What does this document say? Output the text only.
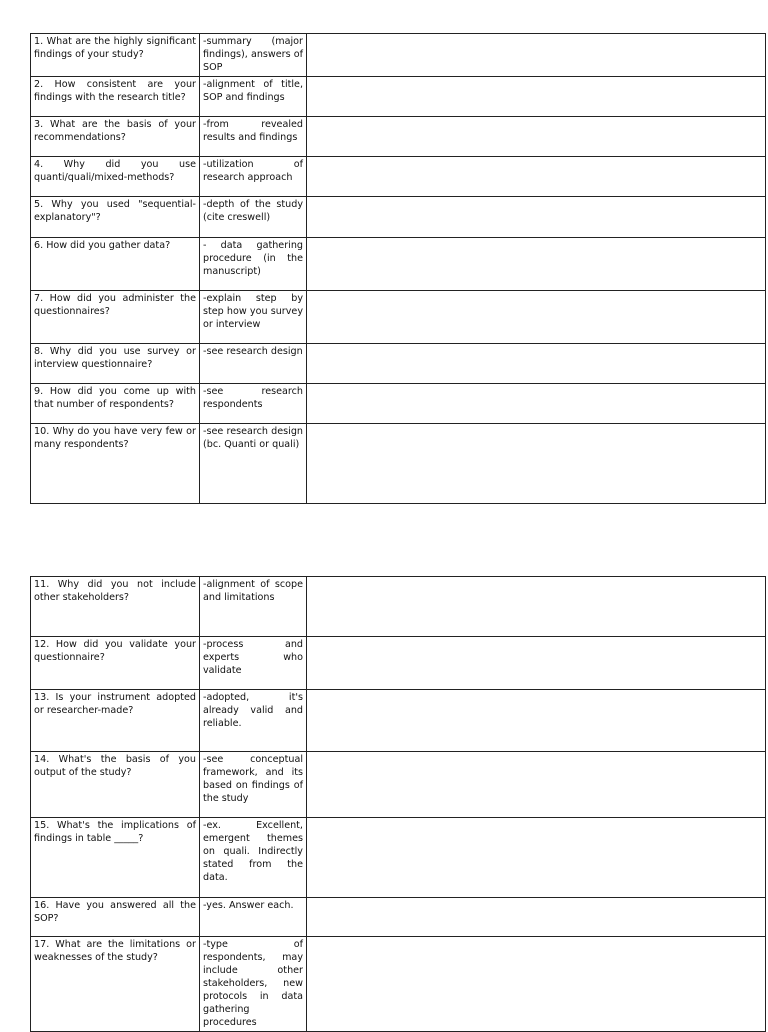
1. What are the highly significant findings of your study?	-summary (major findings), answers of SOP	
2. How consistent are your findings with the research title?	-alignment of title, SOP and findings	
3. What are the basis of your recommendations?	-from revealed results and findings	
4. Why did you use quanti/quali/mixed-methods?	-utilization of research approach	
5. Why you used "sequential-explanatory"?	-depth of the study (cite creswell)	
6. How did you gather data?	- data gathering procedure (in the manuscript)	
7. How did you administer the questionnaires?	-explain step by step how you survey or interview	
8. Why did you use survey or interview questionnaire?	-see research design	
9. How did you come up with that number of respondents?	-see research respondents	
10. Why do you have very few or many respondents?	-see research design (bc. Quanti or quali)	
11. Why did you not include other stakeholders?	-alignment of scope and limitations	
12. How did you validate your questionnaire?	-process and experts who validate	
13. Is your instrument adopted or researcher-made?	-adopted, it's already valid and reliable.	
14. What's the basis of you output of the study?	-see conceptual framework, and its based on findings of the study	
15. What's the implications of findings in table _____?	-ex. Excellent, emergent themes on quali. Indirectly stated from the data.	
16. Have you answered all the SOP?	-yes. Answer each.	
17. What are the limitations or weaknesses of the study?	-type of respondents, may include other stakeholders, new protocols in data gathering procedures	
